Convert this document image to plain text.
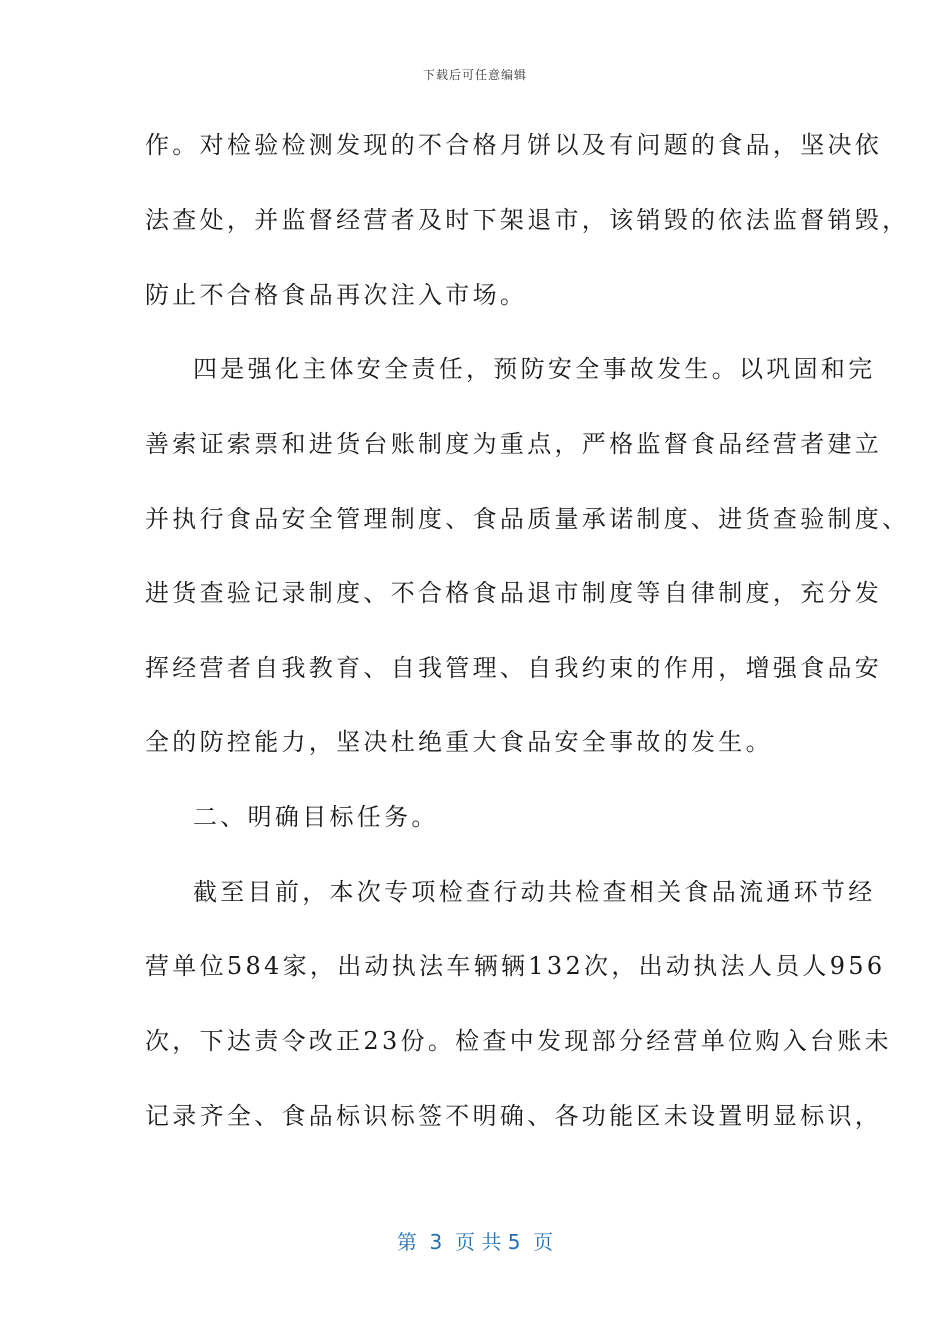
下载后可任意编辑
作。对检验检测发现的不合格月饼以及有问题的食品，坚决依
法查处，并监督经营者及时下架退市，该销毁的依法监督销毁，
防止不合格食品再次注入市场。
四是强化主体安全责任，预防安全事故发生。以巩固和完
善索证索票和进货台账制度为重点，严格监督食品经营者建立
并执行食品安全管理制度、食品质量承诺制度、进货查验制度、
进货查验记录制度、不合格食品退市制度等自律制度，充分发
挥经营者自我教育、自我管理、自我约束的作用，增强食品安
全的防控能力，坚决杜绝重大食品安全事故的发生。
二、明确目标任务。
截至目前，本次专项检查行动共检查相关食品流通环节经
营单位584家，出动执法车辆辆132次，出动执法人员人956
次，下达责令改正23份。检查中发现部分经营单位购入台账未
记录齐全、食品标识标签不明确、各功能区未设置明显标识，
第  3  页 共 5  页
